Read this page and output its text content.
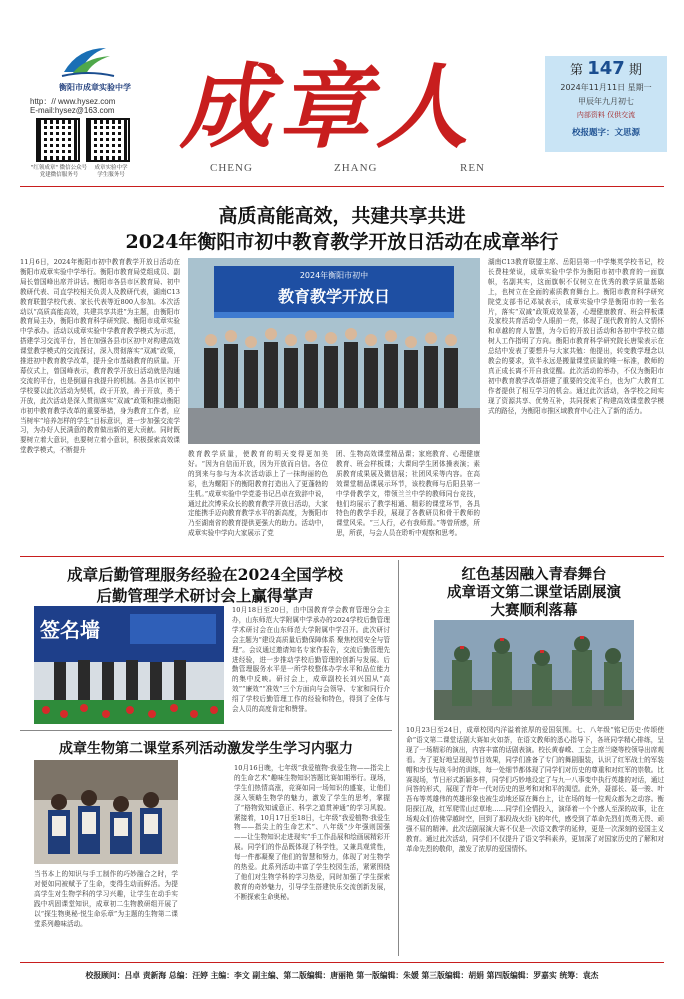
衡阳市成章实验中学
http：// www.hysez.com
E-mail:hysez@163.com
"红领成章" 微信公众号
党建微信服务号
成章实验中学
学生服务号
成章人
CHENG	ZHANG	REN
第 147 期
2024年11月11日 星期一
甲辰年九月初七
内部资料 仅供交流
校报题字：文思源
高质高能高效，共建共享共进
2024年衡阳市初中教育教学开放日活动在成章举行
11月6日，2024年衡阳市初中教育教学开放日活动在衡阳市成章实验中学举行。衡阳市教育局党组成员、副局长曾国峰出席并讲话。衡阳市各县市区教育局、初中教研代表、司直学校相关负责人及教研代表，湖南C13教育联盟学校代表、家长代表等近800人参加。本次活动以“高质高能高效，共建共享共进”为主题，由衡阳市教育局主办，衡阳市教育科学研究院、衡阳市成章实验中学承办。活动以成章实验中学教育教学模式为示范，搭建学习交流平台，旨在加强各县市区初中对构建高效课堂教学模式的交流探讨，深入贯彻落实“双减”政策，推进初中教育教学改革，提升全市基础教育的质量。开幕仪式上，曾国峰表示，教育教学开放日活动就是沟通交流的平台，也是倒逼自我提升的机制。各县市区初中学校要以此次活动为契机，政于开放，善于开放，勇于开放，此次活动是深入贯彻落实“双减”政策和推动衡阳市初中教育教学改革的重要举措，身为教育工作者，应当树牢“培养怎样的学生”目标意识，进一步加强交流学习，为办好人民满意的教育做出新的更大贡献。同时既要树立着大意识，也要树立着小意识，积极探索高效课堂教学模式，不断提升
2024年衡阳市初中
教育教学开放日
教育教学质量，使教育的明天变得更加美好。“因为自信而开放，因为开放而自信。各位的到来与参与为本次活动添上了一抹绚丽的色彩，也为螺阳下的衡阳教育打造出入了更蓬勃的生机。”成章实验中学党委书记吕卓在致辞中说，通过此次博采众长的教育教学开放日活动，大家定能携手迈向教育教学水平的新高度，为衡阳市乃至湖南省的教育提供更强大的助力。活动中，成章实验中学向大家展示了党
团、生物高效课堂精品课；家庭教育、心理健康教育、班会样板课；大课间学生团体操表演；素质教育成果展及微信展；社团风采等内容。在高效课堂精品课展示环节，该校教师与后阳县第一中学骨教学文，带领兰兰中学的教师同台竞技，他们均展示了教学相通、精彩的课堂环节，各具特色的教学手段，展现了各教研员和骨干教师的课堂风采。“三人行，必有我师焉。”等曾所感，所思，所获，与会人员在聆听中观察和思考。
湖南C13教育联盟主席、岳阳县第一中学集英学校书记，校长费桂荣说，成章实验中学作为衡阳市初中教育的一面旗帜，名副其实，这面旗帜不仅树立在优秀的教学质量基础上，也树立在全面的素质教育舞台上。衡阳市教育科学研究院党支部书记邓斌表示，成章实验中学是衡阳市的一张名片，落实“双减”政策成效显著，心理健康教育、班会样板课及家校共育活动令人眼前一亮，体现了现代教育的人文情怀和卓越的育人智慧，为今后的开放日活动和各初中学校立德树人工作指明了方向。衡阳市教育科学研究院长唐梁表示在总结中发表了要想升与大家共勉：他提出，转变教学理念以教会的要求，致半永远是搬量课堂质量的唯一标准，教师的真正成长离不开自我觉醒。此次活动的举办，不仅为衡阳市初中教育教学改革搭建了重要的交流平台，也为广大教育工作者提供了相互学习的机会。通过此次活动，各学校之间实现了资源共享、优势互补，共同探索了构建高效课堂教学模式的路径，为衡阳市推区域教育中心注入了新的活力。
成章后勤管理服务经验在2024全国学校
后勤管理学术研讨会上赢得掌声
签名墙
10月18日至20日，由中国教育学会教育管理分会主办，山东师范大学附属中学承办的2024学校后勤管理学术研讨会在山东师范大学附属中学召开。此次研讨会主题为“建设高质量后勤保障体系 聚焦校园安全与管理”。会议通过邀请知名专家作报告，交流后勤管理先进经验，进一步推动学校后勤管理的创新与发展。后勤管理服务水平是一所学校整体办学水平和品位能力的集中反映。研讨会上，成章副校长刘兴国从“高效”“廉效”“准效”三个方面向与会领导、专家和同行介绍了学校后勤管理工作的经验和特色，得到了全体与会人员的高度肯定和赞誉。
成章生物第二课堂系列活动激发学生学习内驱力
当书本上的知识与手工制作的巧妙融合之时，学对便如同被赋予了生命，变得生动而鲜活。为提高学生对生物学科的学习兴趣，让学生在动手实践中巩固课堂知识，成章初二生物教研组开展了以“探生物奥秘·悦生命乐章”为主题的生物第二课堂系列趣味活动。
10月16日晚，七年级“我爱植物·我爱生物——指尖上的生命艺术”趣味生物知识答题比赛如期举行。现场，学生们热情高涨，竞赛如同一场知识的盛宴，让他们深入领略生物学的魅力，激发了学生的思考，掌握了“格物致知诚意正、科学之道贯神通”的学习风貌。紧接着，10月17日至18日，七年级“我爱植物·我爱生物——指尖上的生命艺术”、八年级“少年强则国强——让生物知识走进现实”手工作品展和绘画展精彩开展。同学们的作品既体现了科学性，又兼具观赏性，每一件都凝聚了他们的智慧和努力，体现了对生物学的热爱。此系列活动丰富了学生校园生活，紧紧围绕了他们对生物学科的学习热爱，同时加强了学生探索教育的奇妙魅力，引导学生搭建快乐交流创新发展，不断探索生命奥秘。
红色基因融入青春舞台
成章语文第二课堂话剧展演
大赛顺利落幕
10月23日至24日，成章校园内洋溢着浓厚的爱国氛围。七、八年级“铭记历史·传颂使命”语文第二课堂话剧大赛如火如荼，在语文教师的悉心指导下，各班同学精心排练，呈现了一场精彩的演出，内容丰富的话剧表演。校长黄春嵘、工会主席兰晓等校领导出席观看。为了更好地呈现现节目效果，同学们准备了专门的舞剧服装，认识了红军战士的军装帽和步伐与战斗时的训练，每一处细节都体现了同学们对历史的尊重和对红军的崇敬。比赛现场，节日形式新颖多样，同学们巧妙地设定了与九一八事变中执行英雄的对话，通过问答的形式，展现了青年一代对历史的思考和对和平的渴望。此外，聂部长、聂一骏、叶吾布等英雄伟的英雄形象也被生动地还原在舞台上，让在场的每一位观众都为之动容。衡阳探江战，红军爬雪山过草地……同学们全情投入，演绎着一个个感人至深的故事，让在场观众们仿佛穿越时空，回到了那段战火纷飞的年代，感受到了革命先烈们英勇无畏、顽强不屈的精神。此次话剧展演大赛不仅是一次语文教学的延伸，更是一次深刻的爱国主义教育。通过此次活动，同学们不仅提升了语文学科素养，更加深了对国家历史的了解和对革命先烈的敬仰，激发了浓厚的爱国情怀。
校报顾问：吕卓 责新海 总编：汪婷 主编：李文 副主编、第二版编辑：唐丽艳 第一版编辑：朱媛 第三版编辑：胡娟 第四版编辑：罗嘉实 统筹：袁杰
